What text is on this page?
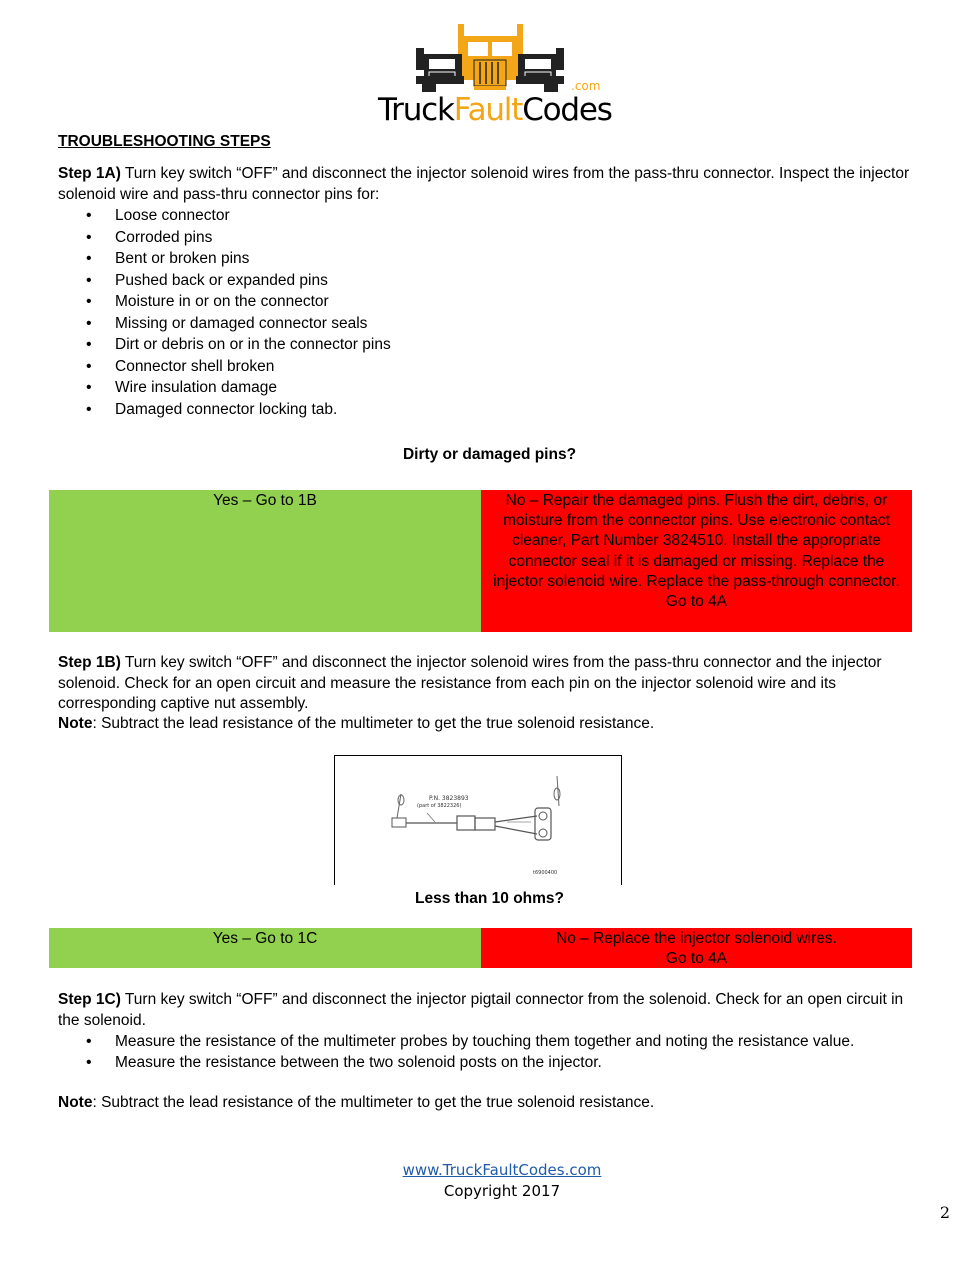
.com
TruckFaultCodes
TROUBLESHOOTING STEPS
Step 1A) Turn key switch “OFF” and disconnect the injector solenoid wires from the pass-thru connector. Inspect the injector solenoid wire and pass-thru connector pins for:
• Loose connector
• Corroded pins
• Bent or broken pins
• Pushed back or expanded pins
• Moisture in or on the connector
• Missing or damaged connector seals
• Dirt or debris on or in the connector pins
• Connector shell broken
• Wire insulation damage
• Damaged connector locking tab.
Dirty or damaged pins?
Yes – Go to 1B	No – Repair the damaged pins. Flush the dirt, debris, or moisture from the connector pins. Use electronic contact cleaner, Part Number 3824510. Install the appropriate connector seal if it is damaged or missing. Replace the injector solenoid wire. Replace the pass-through connector.
Go to 4A
Step 1B) Turn key switch “OFF” and disconnect the injector solenoid wires from the pass-thru connector and the injector solenoid. Check for an open circuit and measure the resistance from each pin on the injector solenoid wire and its corresponding captive nut assembly.
Note: Subtract the lead resistance of the multimeter to get the true solenoid resistance.
P.N. 3823893
(part of 3822326)
t6900400
Less than 10 ohms?
Yes – Go to 1C	No – Replace the injector solenoid wires.
Go to 4A
Step 1C) Turn key switch “OFF” and disconnect the injector pigtail connector from the solenoid. Check for an open circuit in the solenoid.
• Measure the resistance of the multimeter probes by touching them together and noting the resistance value.
• Measure the resistance between the two solenoid posts on the injector.
Note: Subtract the lead resistance of the multimeter to get the true solenoid resistance.
www.TruckFaultCodes.com
Copyright 2017
2
